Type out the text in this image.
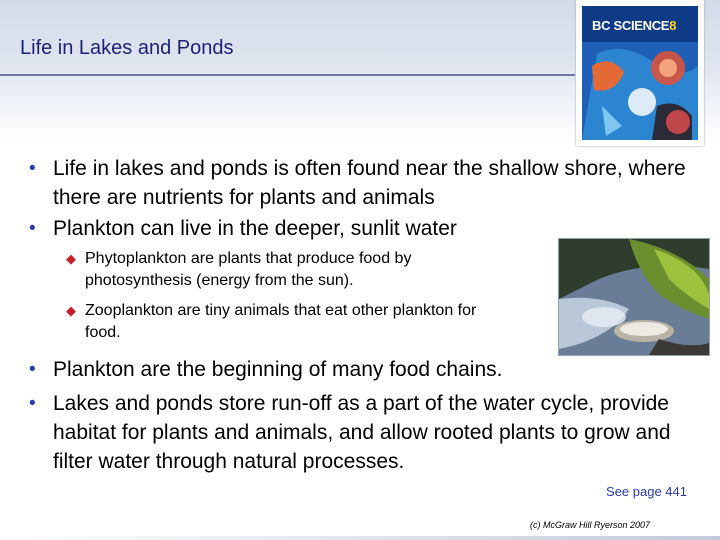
Life in Lakes and Ponds
BC SCIENCE8
• Life in lakes and ponds is often found near the shallow shore, where there are nutrients for plants and animals
• Plankton can live in the deeper, sunlit water
◆ Phytoplankton are plants that produce food by photosynthesis (energy from the sun).
◆ Zooplankton are tiny animals that eat other plankton for food.
• Plankton are the beginning of many food chains.
• Lakes and ponds store run-off as a part of the water cycle, provide habitat for plants and animals, and allow rooted plants to grow and filter water through natural processes.
See page 441
(c) McGraw Hill Ryerson 2007
